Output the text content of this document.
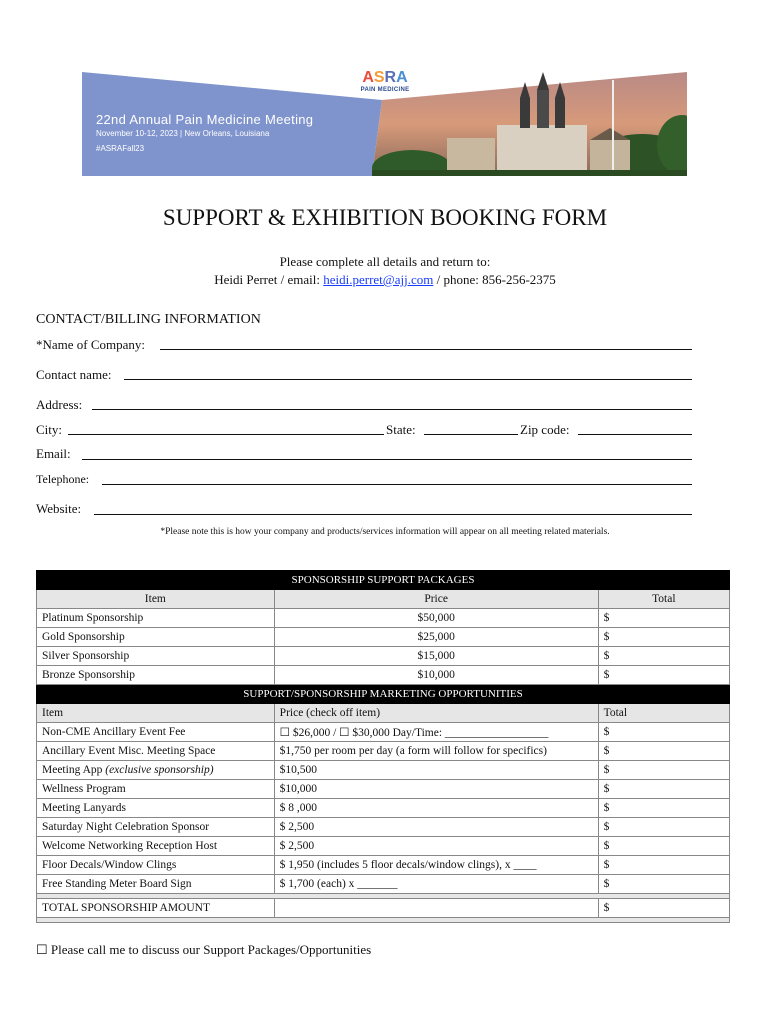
ASRA
PAIN MEDICINE
22nd Annual Pain Medicine Meeting
November 10-12, 2023 | New Orleans, Louisiana
#ASRAFall23
SUPPORT & EXHIBITION BOOKING FORM
Please complete all details and return to:
Heidi Perret / email: heidi.perret@ajj.com / phone: 856-256-2375
CONTACT/BILLING INFORMATION
*Name of Company:
Contact name:
Address:
City:	State:	Zip code:
Email:
Telephone:
Website:
*Please note this is how your company and products/services information will appear on all meeting related materials.
SPONSORSHIP SUPPORT PACKAGES		
Item	Price	Total
Platinum Sponsorship	$50,000	$
Gold Sponsorship	$25,000	$
Silver Sponsorship	$15,000	$
Bronze Sponsorship	$10,000	$
SUPPORT/SPONSORSHIP MARKETING OPPORTUNITIES		
Item	Price (check off item)	Total
Non-CME Ancillary Event Fee	☐ $26,000 / ☐ $30,000 Day/Time: __________________	$
Ancillary Event Misc. Meeting Space	$1,750 per room per day (a form will follow for specifics)	$
Meeting App (exclusive sponsorship)	$10,500	$
Wellness Program	$10,000	$
Meeting Lanyards	$ 8 ,000	$
Saturday Night Celebration Sponsor	$ 2,500	$
Welcome Networking Reception Host	$ 2,500	$
Floor Decals/Window Clings	$ 1,950 (includes 5 floor decals/window clings), x ____	$
Free Standing Meter Board Sign	$ 1,700 (each) x _______	$

TOTAL SPONSORSHIP AMOUNT		$

☐ Please call me to discuss our Support Packages/Opportunities
